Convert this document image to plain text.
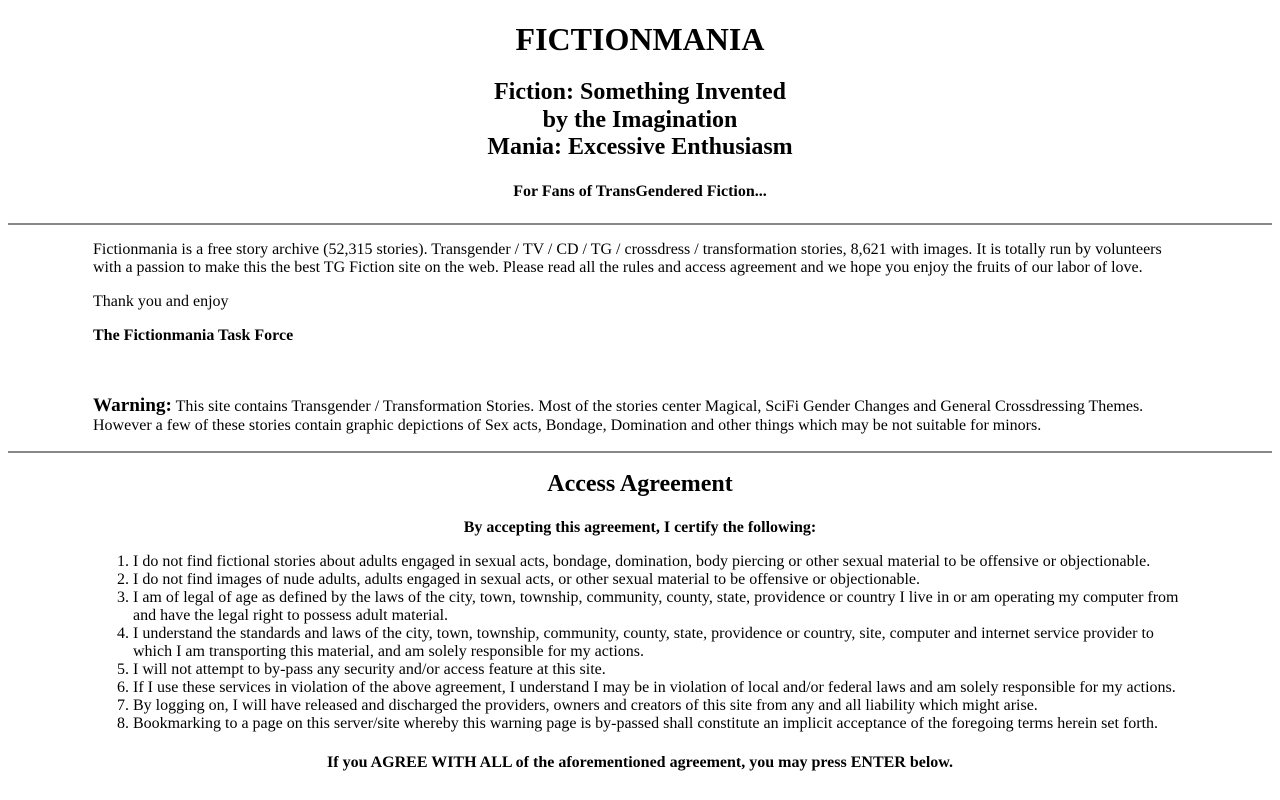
FICTIONMANIA
Fiction: Something Invented
by the Imagination
Mania: Excessive Enthusiasm
For Fans of TransGendered Fiction...

Fictionmania is a free story archive (52,315 stories). Transgender / TV / CD / TG / crossdress / transformation stories, 8,621 with images. It is totally run by volunteers with a passion to make this the best TG Fiction site on the web. Please read all the rules and access agreement and we hope you enjoy the fruits of our labor of love.

Thank you and enjoy

The Fictionmania Task Force

Warning: This site contains Transgender / Transformation Stories. Most of the stories center Magical, SciFi Gender Changes and General Crossdressing Themes. However a few of these stories contain graphic depictions of Sex acts, Bondage, Domination and other things which may be not suitable for minors.

Access Agreement
By accepting this agreement, I certify the following:
1. I do not find fictional stories about adults engaged in sexual acts, bondage, domination, body piercing or other sexual material to be offensive or objectionable.
2. I do not find images of nude adults, adults engaged in sexual acts, or other sexual material to be offensive or objectionable.
3. I am of legal of age as defined by the laws of the city, town, township, community, county, state, providence or country I live in or am operating my computer from and have the legal right to possess adult material.
4. I understand the standards and laws of the city, town, township, community, county, state, providence or country, site, computer and internet service provider to which I am transporting this material, and am solely responsible for my actions.
5. I will not attempt to by-pass any security and/or access feature at this site.
6. If I use these services in violation of the above agreement, I understand I may be in violation of local and/or federal laws and am solely responsible for my actions.
7. By logging on, I will have released and discharged the providers, owners and creators of this site from any and all liability which might arise.
8. Bookmarking to a page on this server/site whereby this warning page is by-passed shall constitute an implicit acceptance of the foregoing terms herein set forth.
If you AGREE WITH ALL of the aforementioned agreement, you may press ENTER below.
